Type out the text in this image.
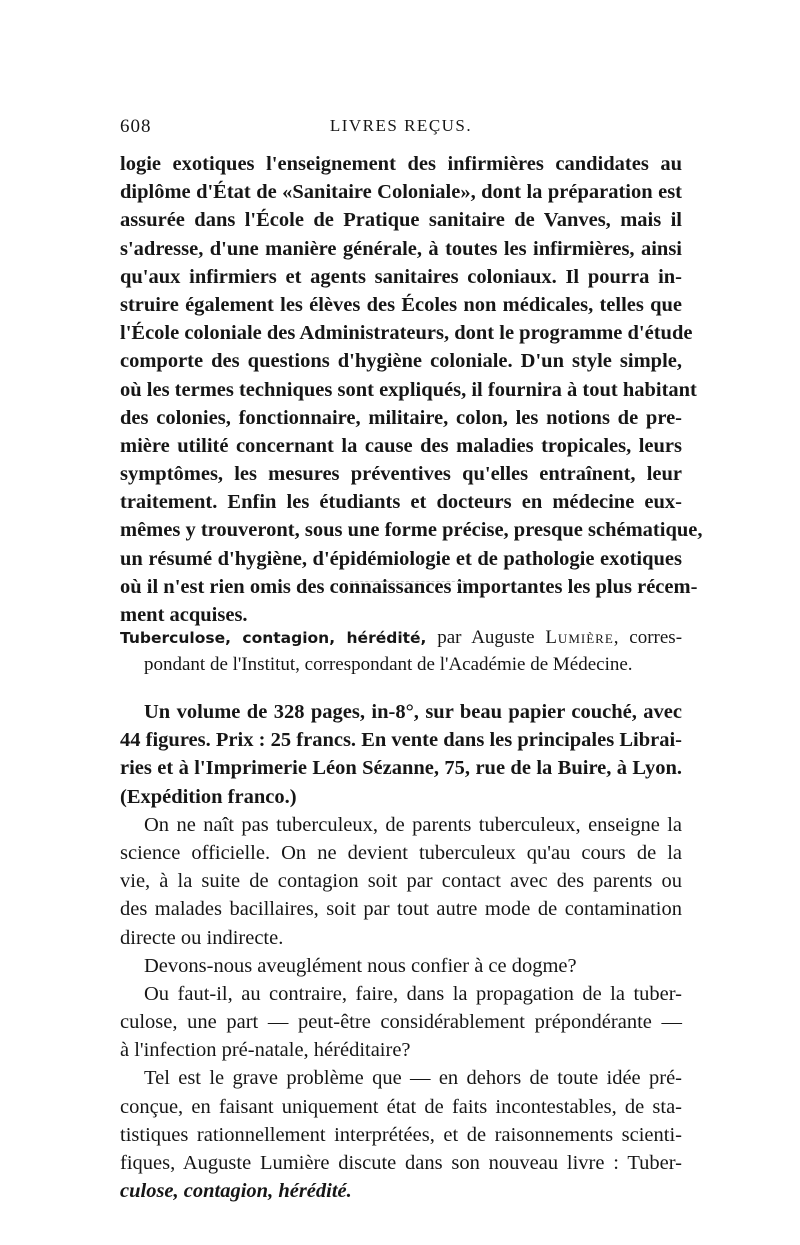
608	LIVRES REÇUS.
logie exotiques l'enseignement des infirmières candidates au
diplôme d'État de «Sanitaire Coloniale», dont la préparation est
assurée dans l'École de Pratique sanitaire de Vanves, mais il
s'adresse, d'une manière générale, à toutes les infirmières, ainsi
qu'aux infirmiers et agents sanitaires coloniaux. Il pourra in-
struire également les élèves des Écoles non médicales, telles que
l'École coloniale des Administrateurs, dont le programme d'étude
comporte des questions d'hygiène coloniale. D'un style simple,
où les termes techniques sont expliqués, il fournira à tout habitant
des colonies, fonctionnaire, militaire, colon, les notions de pre-
mière utilité concernant la cause des maladies tropicales, leurs
symptômes, les mesures préventives qu'elles entraînent, leur
traitement. Enfin les étudiants et docteurs en médecine eux-
mêmes y trouveront, sous une forme précise, presque schématique,
un résumé d'hygiène, d'épidémiologie et de pathologie exotiques
où il n'est rien omis des connaissances importantes les plus récem-
ment acquises.
Tuberculose, contagion, hérédité, par Auguste Lumière, corres-
pondant de l'Institut, correspondant de l'Académie de Médecine.
Un volume de 328 pages, in-8°, sur beau papier couché, avec
44 figures. Prix : 25 francs. En vente dans les principales Librai-
ries et à l'Imprimerie Léon Sézanne, 75, rue de la Buire, à Lyon.
(Expédition franco.)
On ne naît pas tuberculeux, de parents tuberculeux, enseigne la
science officielle. On ne devient tuberculeux qu'au cours de la
vie, à la suite de contagion soit par contact avec des parents ou
des malades bacillaires, soit par tout autre mode de contamination
directe ou indirecte.
Devons-nous aveuglément nous confier à ce dogme?
Ou faut-il, au contraire, faire, dans la propagation de la tuber-
culose, une part — peut-être considérablement prépondérante —
à l'infection pré-natale, héréditaire?
Tel est le grave problème que — en dehors de toute idée pré-
conçue, en faisant uniquement état de faits incontestables, de sta-
tistiques rationnellement interprétées, et de raisonnements scienti-
fiques, Auguste Lumière discute dans son nouveau livre : Tuber-
culose, contagion, hérédité.
